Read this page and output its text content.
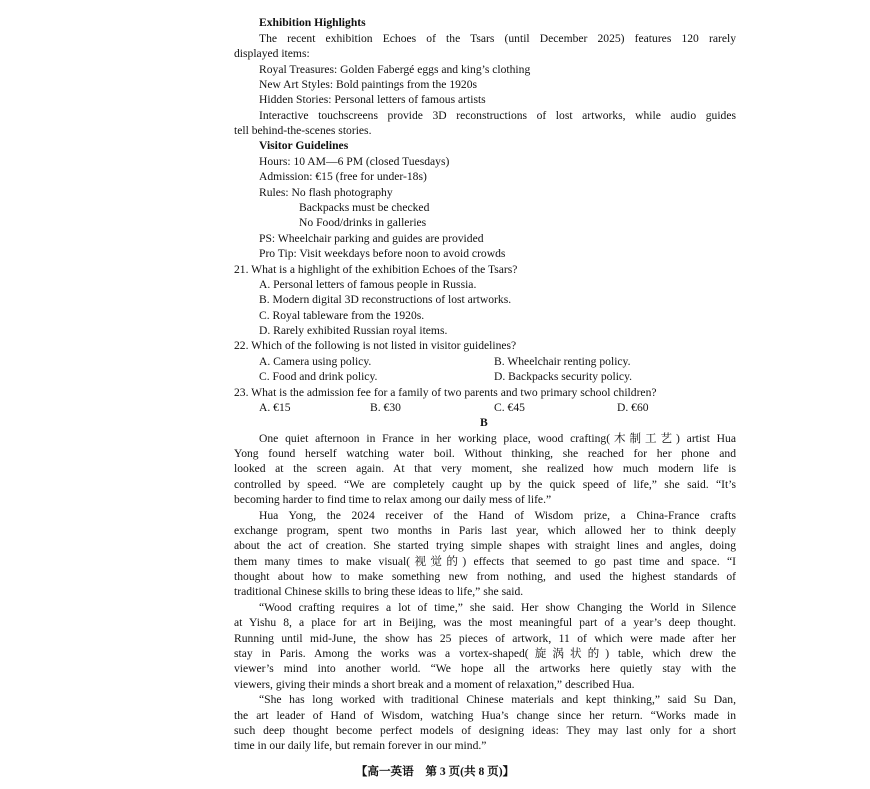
Exhibition Highlights
The recent exhibition Echoes of the Tsars (until December 2025) features 120 rarely
displayed items:
Royal Treasures: Golden Fabergé eggs and king’s clothing
New Art Styles: Bold paintings from the 1920s
Hidden Stories: Personal letters of famous artists
Interactive touchscreens provide 3D reconstructions of lost artworks, while audio guides
tell behind-the-scenes stories.
Visitor Guidelines
Hours: 10 AM—6 PM (closed Tuesdays)
Admission: €15 (free for under-18s)
Rules: No flash photography
Backpacks must be checked
No Food/drinks in galleries
PS: Wheelchair parking and guides are provided
Pro Tip: Visit weekdays before noon to avoid crowds
21. What is a highlight of the exhibition Echoes of the Tsars?
A. Personal letters of famous people in Russia.
B. Modern digital 3D reconstructions of lost artworks.
C. Royal tableware from the 1920s.
D. Rarely exhibited Russian royal items.
22. Which of the following is not listed in visitor guidelines?
A. Camera using policy.	B. Wheelchair renting policy.
C. Food and drink policy.	D. Backpacks security policy.
23. What is the admission fee for a family of two parents and two primary school children?
A. €15	B. €30	C. €45	D. €60
B
One quiet afternoon in France in her working place, wood crafting(木制工艺) artist Hua
Yong found herself watching water boil. Without thinking, she reached for her phone and
looked at the screen again. At that very moment, she realized how much modern life is
controlled by speed. “We are completely caught up by the quick speed of life,” she said. “It’s
becoming harder to find time to relax among our daily mess of life.”
Hua Yong, the 2024 receiver of the Hand of Wisdom prize, a China-France crafts
exchange program, spent two months in Paris last year, which allowed her to think deeply
about the act of creation. She started trying simple shapes with straight lines and angles, doing
them many times to make visual(视觉的) effects that seemed to go past time and space. “I
thought about how to make something new from nothing, and used the highest standards of
traditional Chinese skills to bring these ideas to life,” she said.
“Wood crafting requires a lot of time,” she said. Her show Changing the World in Silence
at Yishu 8, a place for art in Beijing, was the most meaningful part of a year’s deep thought.
Running until mid-June, the show has 25 pieces of artwork, 11 of which were made after her
stay in Paris. Among the works was a vortex-shaped(旋涡状的) table, which drew the
viewer’s mind into another world. “We hope all the artworks here quietly stay with the
viewers, giving their minds a short break and a moment of relaxation,” described Hua.
“She has long worked with traditional Chinese materials and kept thinking,” said Su Dan,
the art leader of Hand of Wisdom, watching Hua’s change since her return. “Works made in
such deep thought become perfect models of designing ideas: They may last only for a short
time in our daily life, but remain forever in our mind.”
【高一英语　第 3 页(共 8 页)】
